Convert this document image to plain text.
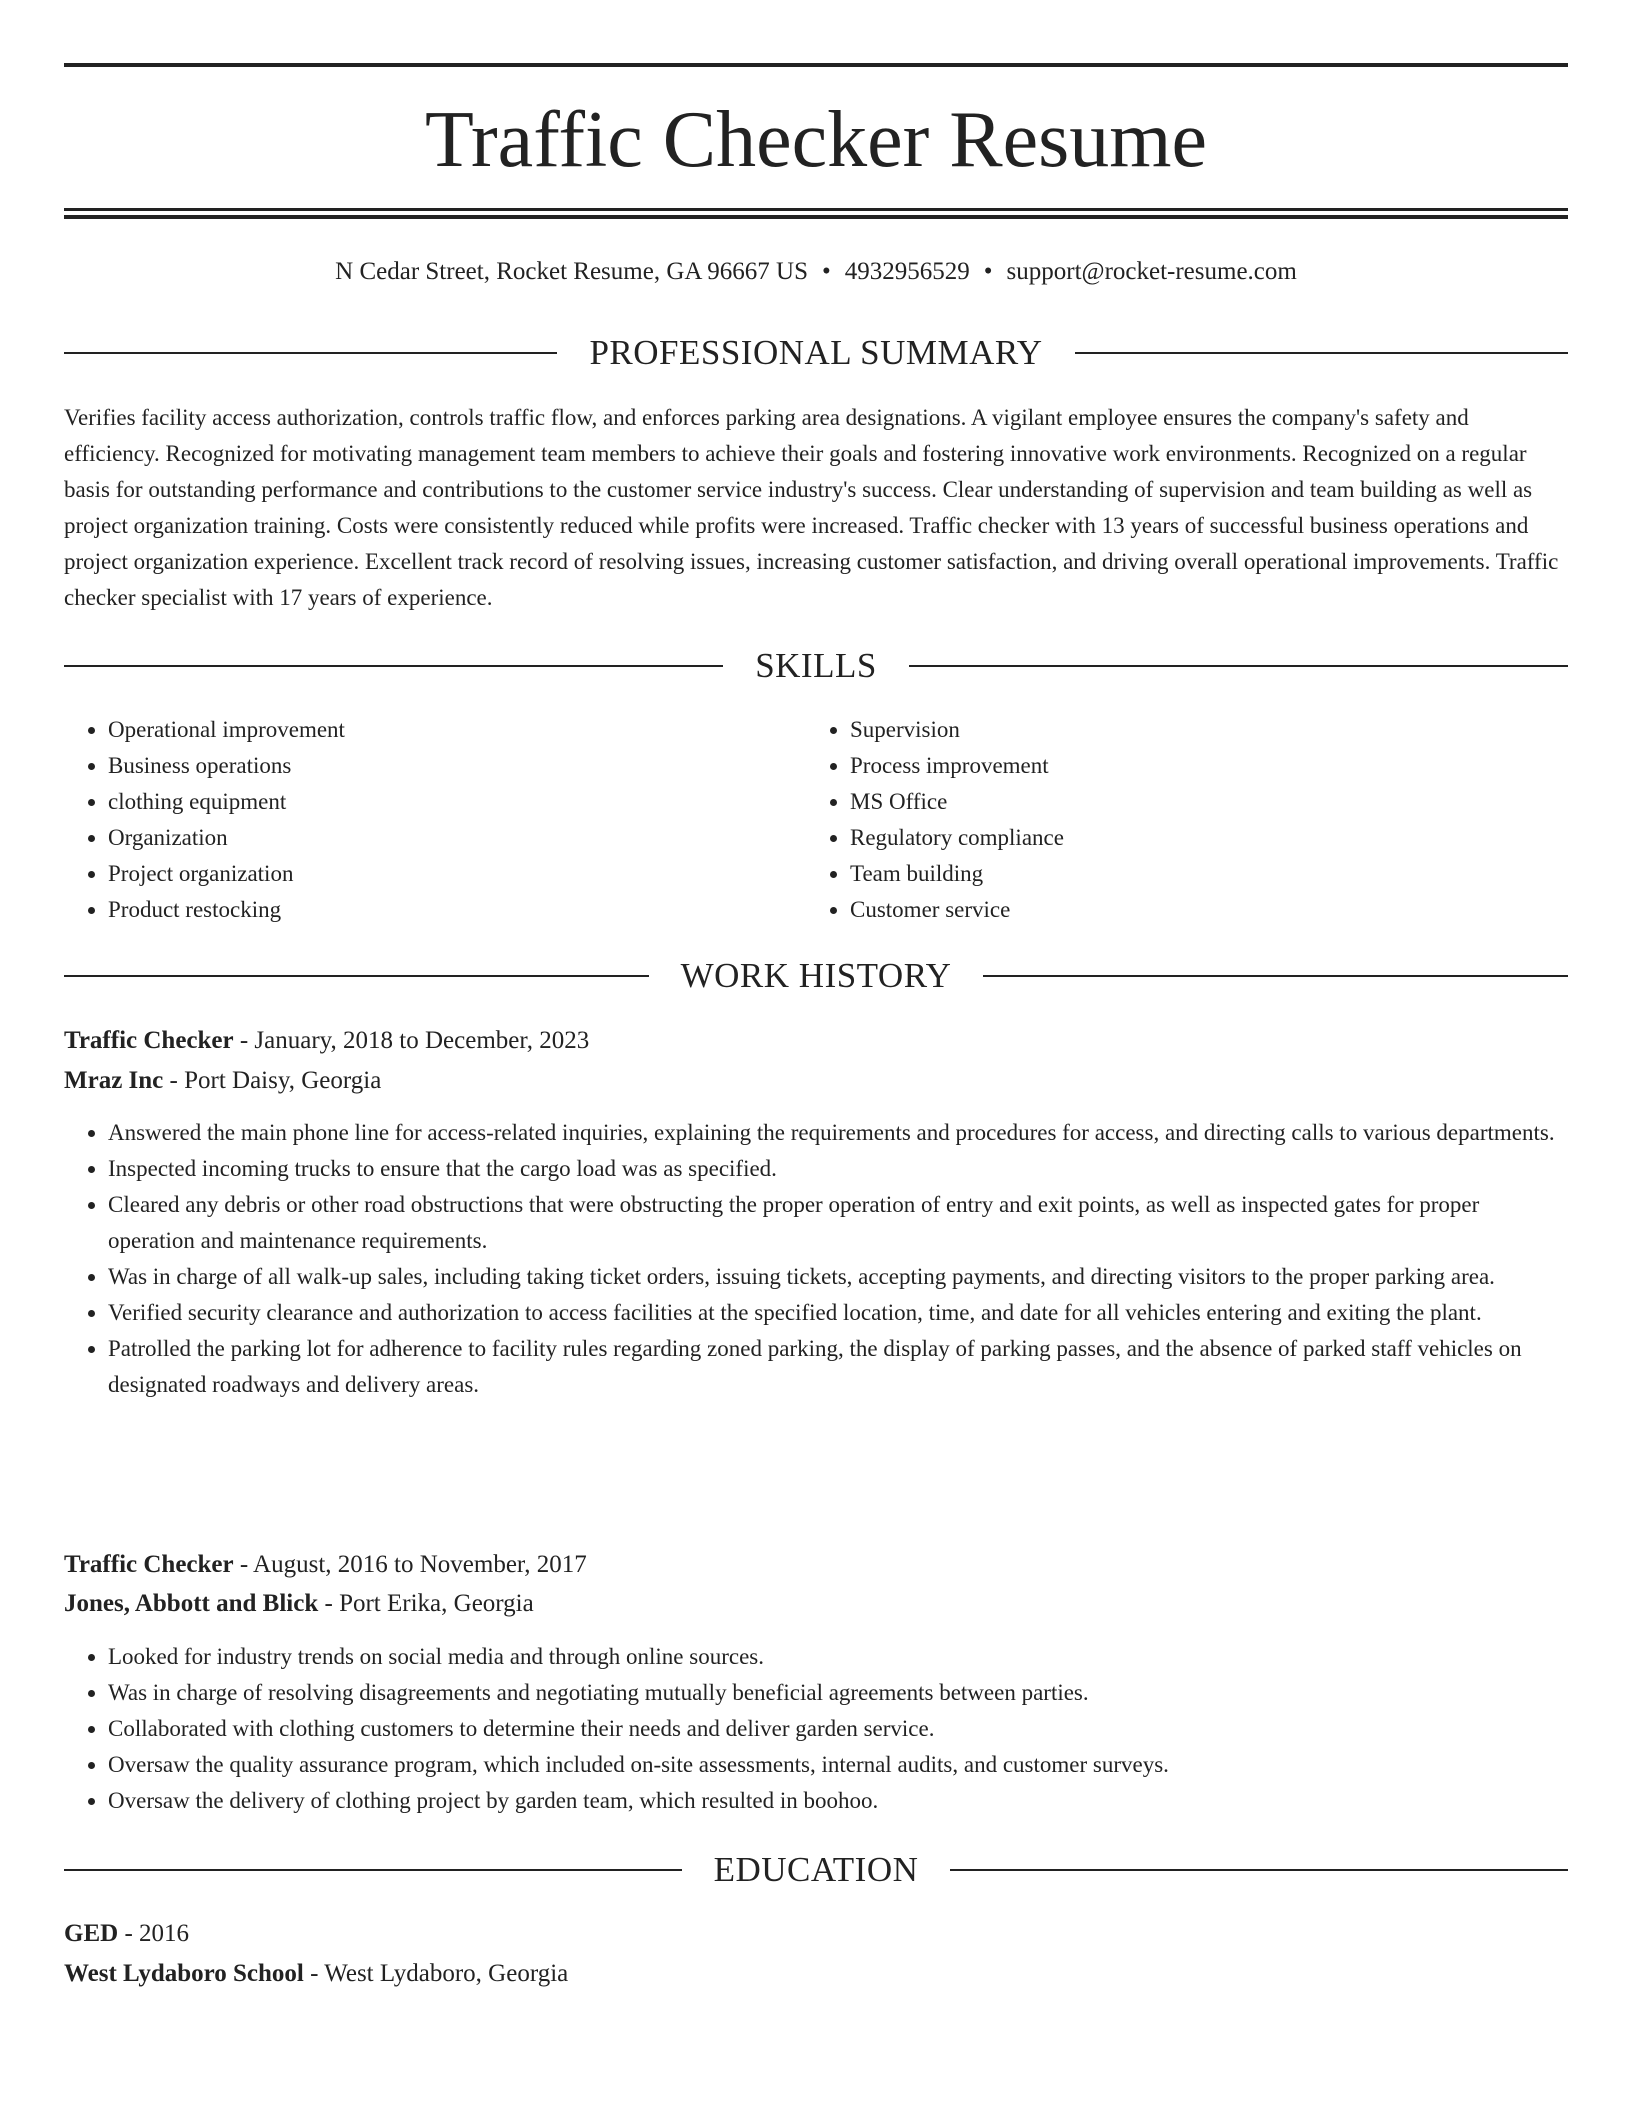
Traffic Checker Resume
N Cedar Street, Rocket Resume, GA 96667 US • 4932956529 • support@rocket-resume.com
PROFESSIONAL SUMMARY

Verifies facility access authorization, controls traffic flow, and enforces parking area designations. A vigilant employee ensures the company's safety and efficiency. Recognized for motivating management team members to achieve their goals and fostering innovative work environments. Recognized on a regular basis for outstanding performance and contributions to the customer service industry's success. Clear understanding of supervision and team building as well as project organization training. Costs were consistently reduced while profits were increased. Traffic checker with 13 years of successful business operations and project organization experience. Excellent track record of resolving issues, increasing customer satisfaction, and driving overall operational improvements. Traffic checker specialist with 17 years of experience.

SKILLS
• Operational improvement
• Business operations
• clothing equipment
• Organization
• Project organization
• Product restocking
• Supervision
• Process improvement
• MS Office
• Regulatory compliance
• Team building
• Customer service
WORK HISTORY
Traffic Checker - January, 2018 to December, 2023
Mraz Inc - Port Daisy, Georgia
• Answered the main phone line for access-related inquiries, explaining the requirements and procedures for access, and directing calls to various departments.
• Inspected incoming trucks to ensure that the cargo load was as specified.
• Cleared any debris or other road obstructions that were obstructing the proper operation of entry and exit points, as well as inspected gates for proper operation and maintenance requirements.
• Was in charge of all walk-up sales, including taking ticket orders, issuing tickets, accepting payments, and directing visitors to the proper parking area.
• Verified security clearance and authorization to access facilities at the specified location, time, and date for all vehicles entering and exiting the plant.
• Patrolled the parking lot for adherence to facility rules regarding zoned parking, the display of parking passes, and the absence of parked staff vehicles on designated roadways and delivery areas.
Traffic Checker - August, 2016 to November, 2017
Jones, Abbott and Blick - Port Erika, Georgia
• Looked for industry trends on social media and through online sources.
• Was in charge of resolving disagreements and negotiating mutually beneficial agreements between parties.
• Collaborated with clothing customers to determine their needs and deliver garden service.
• Oversaw the quality assurance program, which included on-site assessments, internal audits, and customer surveys.
• Oversaw the delivery of clothing project by garden team, which resulted in boohoo.
EDUCATION
GED - 2016
West Lydaboro School - West Lydaboro, Georgia
